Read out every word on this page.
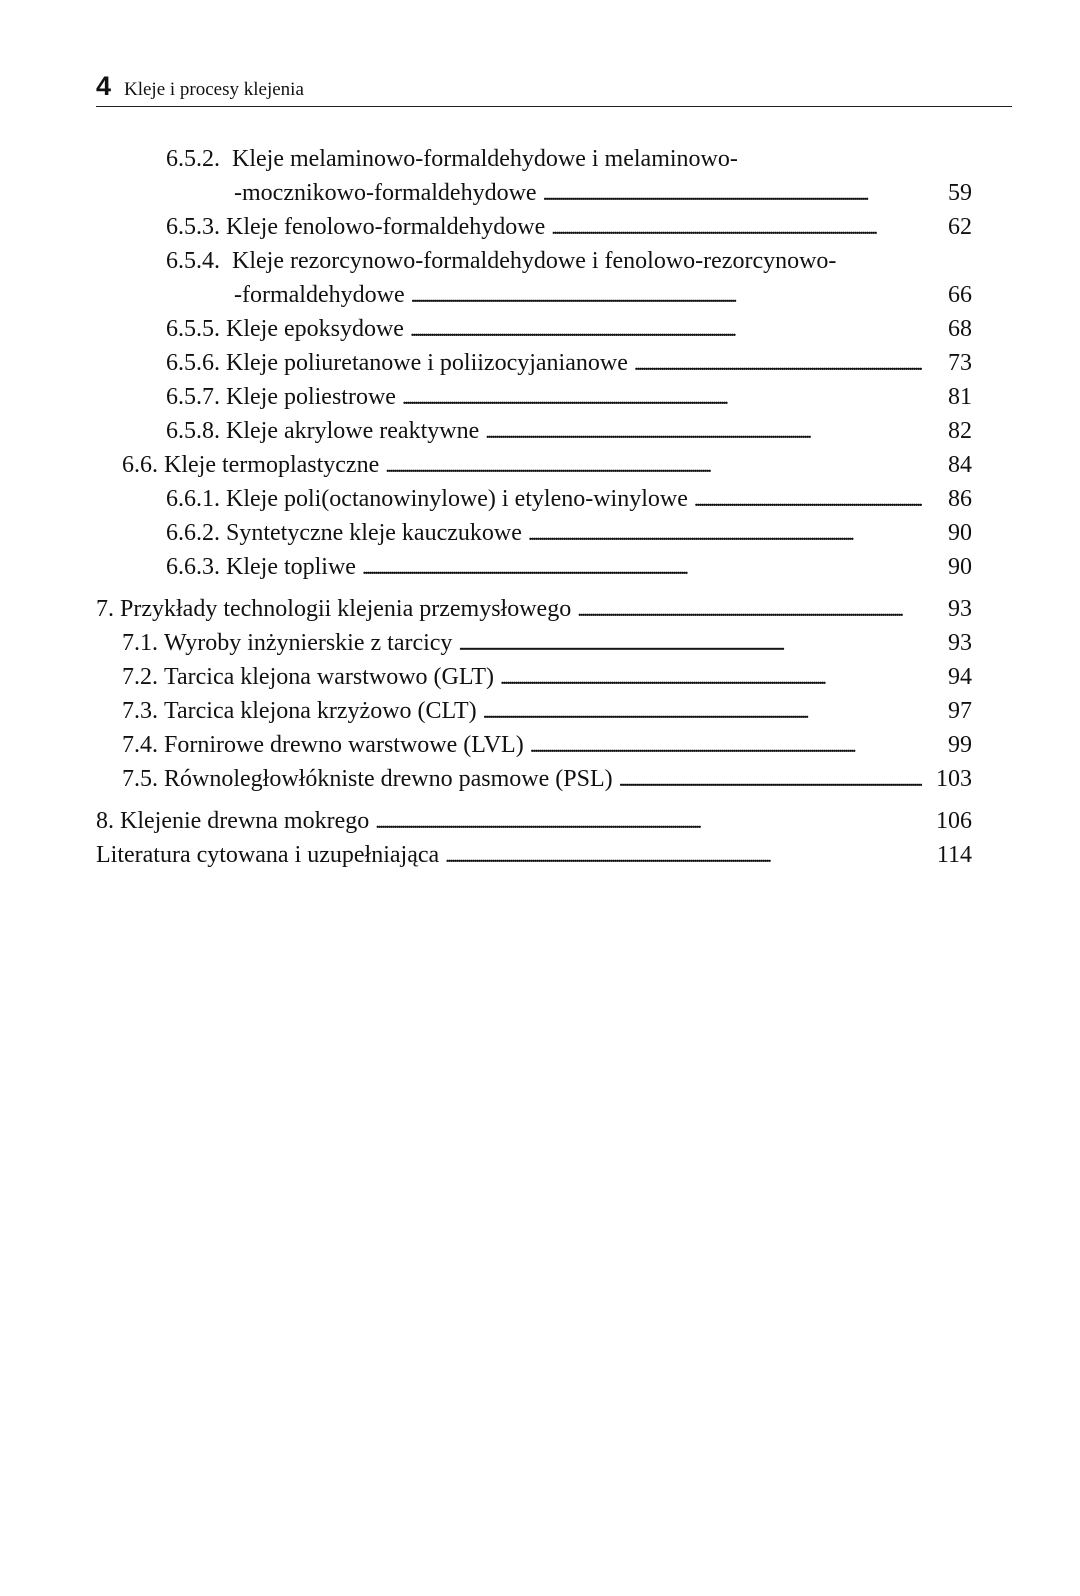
4 Kleje i procesy klejenia
6.5.2. Kleje melaminowo-formaldehydowe i melaminowo-
-mocznikowo-formaldehydowe . . .	59
6.5.3. Kleje fenolowo-formaldehydowe . . .	62
6.5.4. Kleje rezorcynowo-formaldehydowe i fenolowo-rezorcynowo-
-formaldehydowe . . .	66
6.5.5. Kleje epoksydowe . . .	68
6.5.6. Kleje poliuretanowe i poliizocyjanianowe . . .	73
6.5.7. Kleje poliestrowe . . .	81
6.5.8. Kleje akrylowe reaktywne . . .	82
6.6. Kleje termoplastyczne . . .	84
6.6.1. Kleje poli(octanowinylowe) i etyleno-winylowe . . .	86
6.6.2. Syntetyczne kleje kauczukowe . . .	90
6.6.3. Kleje topliwe . . .	90
7. Przykłady technologii klejenia przemysłowego . . .	93
7.1. Wyroby inżynierskie z tarcicy . . .	93
7.2. Tarcica klejona warstwowo (GLT) . . .	94
7.3. Tarcica klejona krzyżowo (CLT) . . .	97
7.4. Fornirowe drewno warstwowe (LVL) . . .	99
7.5. Równoległowłókniste drewno pasmowe (PSL) . . .	103
8. Klejenie drewna mokrego . . .	106
Literatura cytowana i uzupełniająca . . .	114
